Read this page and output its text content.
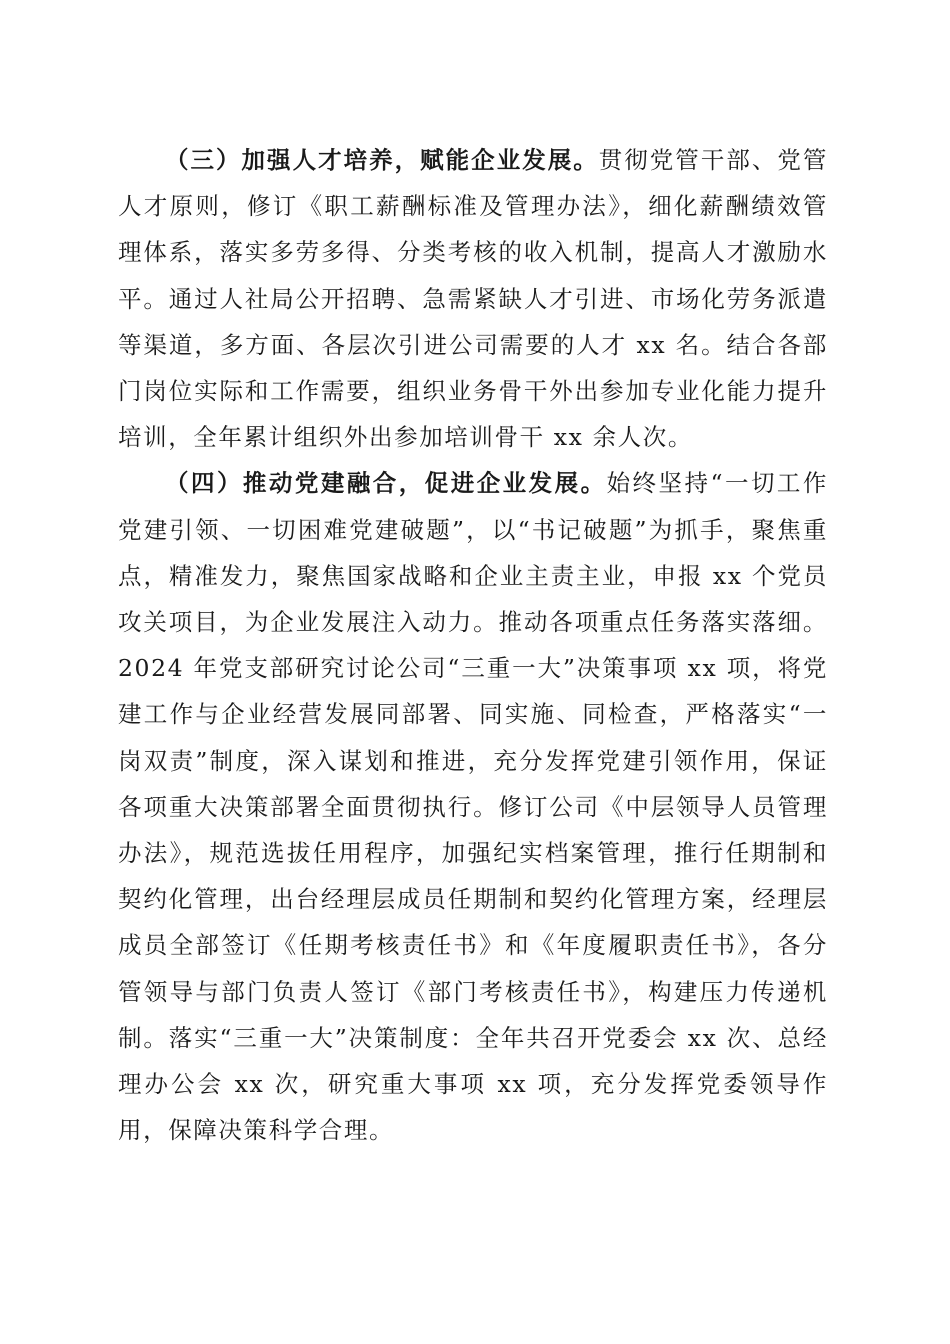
（三）加强人才培养，赋能企业发展。贯彻党管干部、党管人才原则，修订《职工薪酬标准及管理办法》，细化薪酬绩效管理体系，落实多劳多得、分类考核的收入机制，提高人才激励水平。通过人社局公开招聘、急需紧缺人才引进、市场化劳务派遣等渠道，多方面、各层次引进公司需要的人才 xx 名。结合各部门岗位实际和工作需要，组织业务骨干外出参加专业化能力提升培训，全年累计组织外出参加培训骨干 xx 余人次。

（四）推动党建融合，促进企业发展。始终坚持“一切工作党建引领、一切困难党建破题”，以“书记破题”为抓手，聚焦重点，精准发力，聚焦国家战略和企业主责主业，申报 xx 个党员攻关项目，为企业发展注入动力。推动各项重点任务落实落细。2024 年党支部研究讨论公司“三重一大”决策事项 xx 项，将党建工作与企业经营发展同部署、同实施、同检查，严格落实“一岗双责”制度，深入谋划和推进，充分发挥党建引领作用，保证各项重大决策部署全面贯彻执行。修订公司《中层领导人员管理办法》，规范选拔任用程序，加强纪实档案管理，推行任期制和契约化管理，出台经理层成员任期制和契约化管理方案，经理层成员全部签订《任期考核责任书》和《年度履职责任书》，各分管领导与部门负责人签订《部门考核责任书》，构建压力传递机制。落实“三重一大”决策制度：全年共召开党委会 xx 次、总经理办公会 xx 次，研究重大事项 xx 项，充分发挥党委领导作用，保障决策科学合理。
